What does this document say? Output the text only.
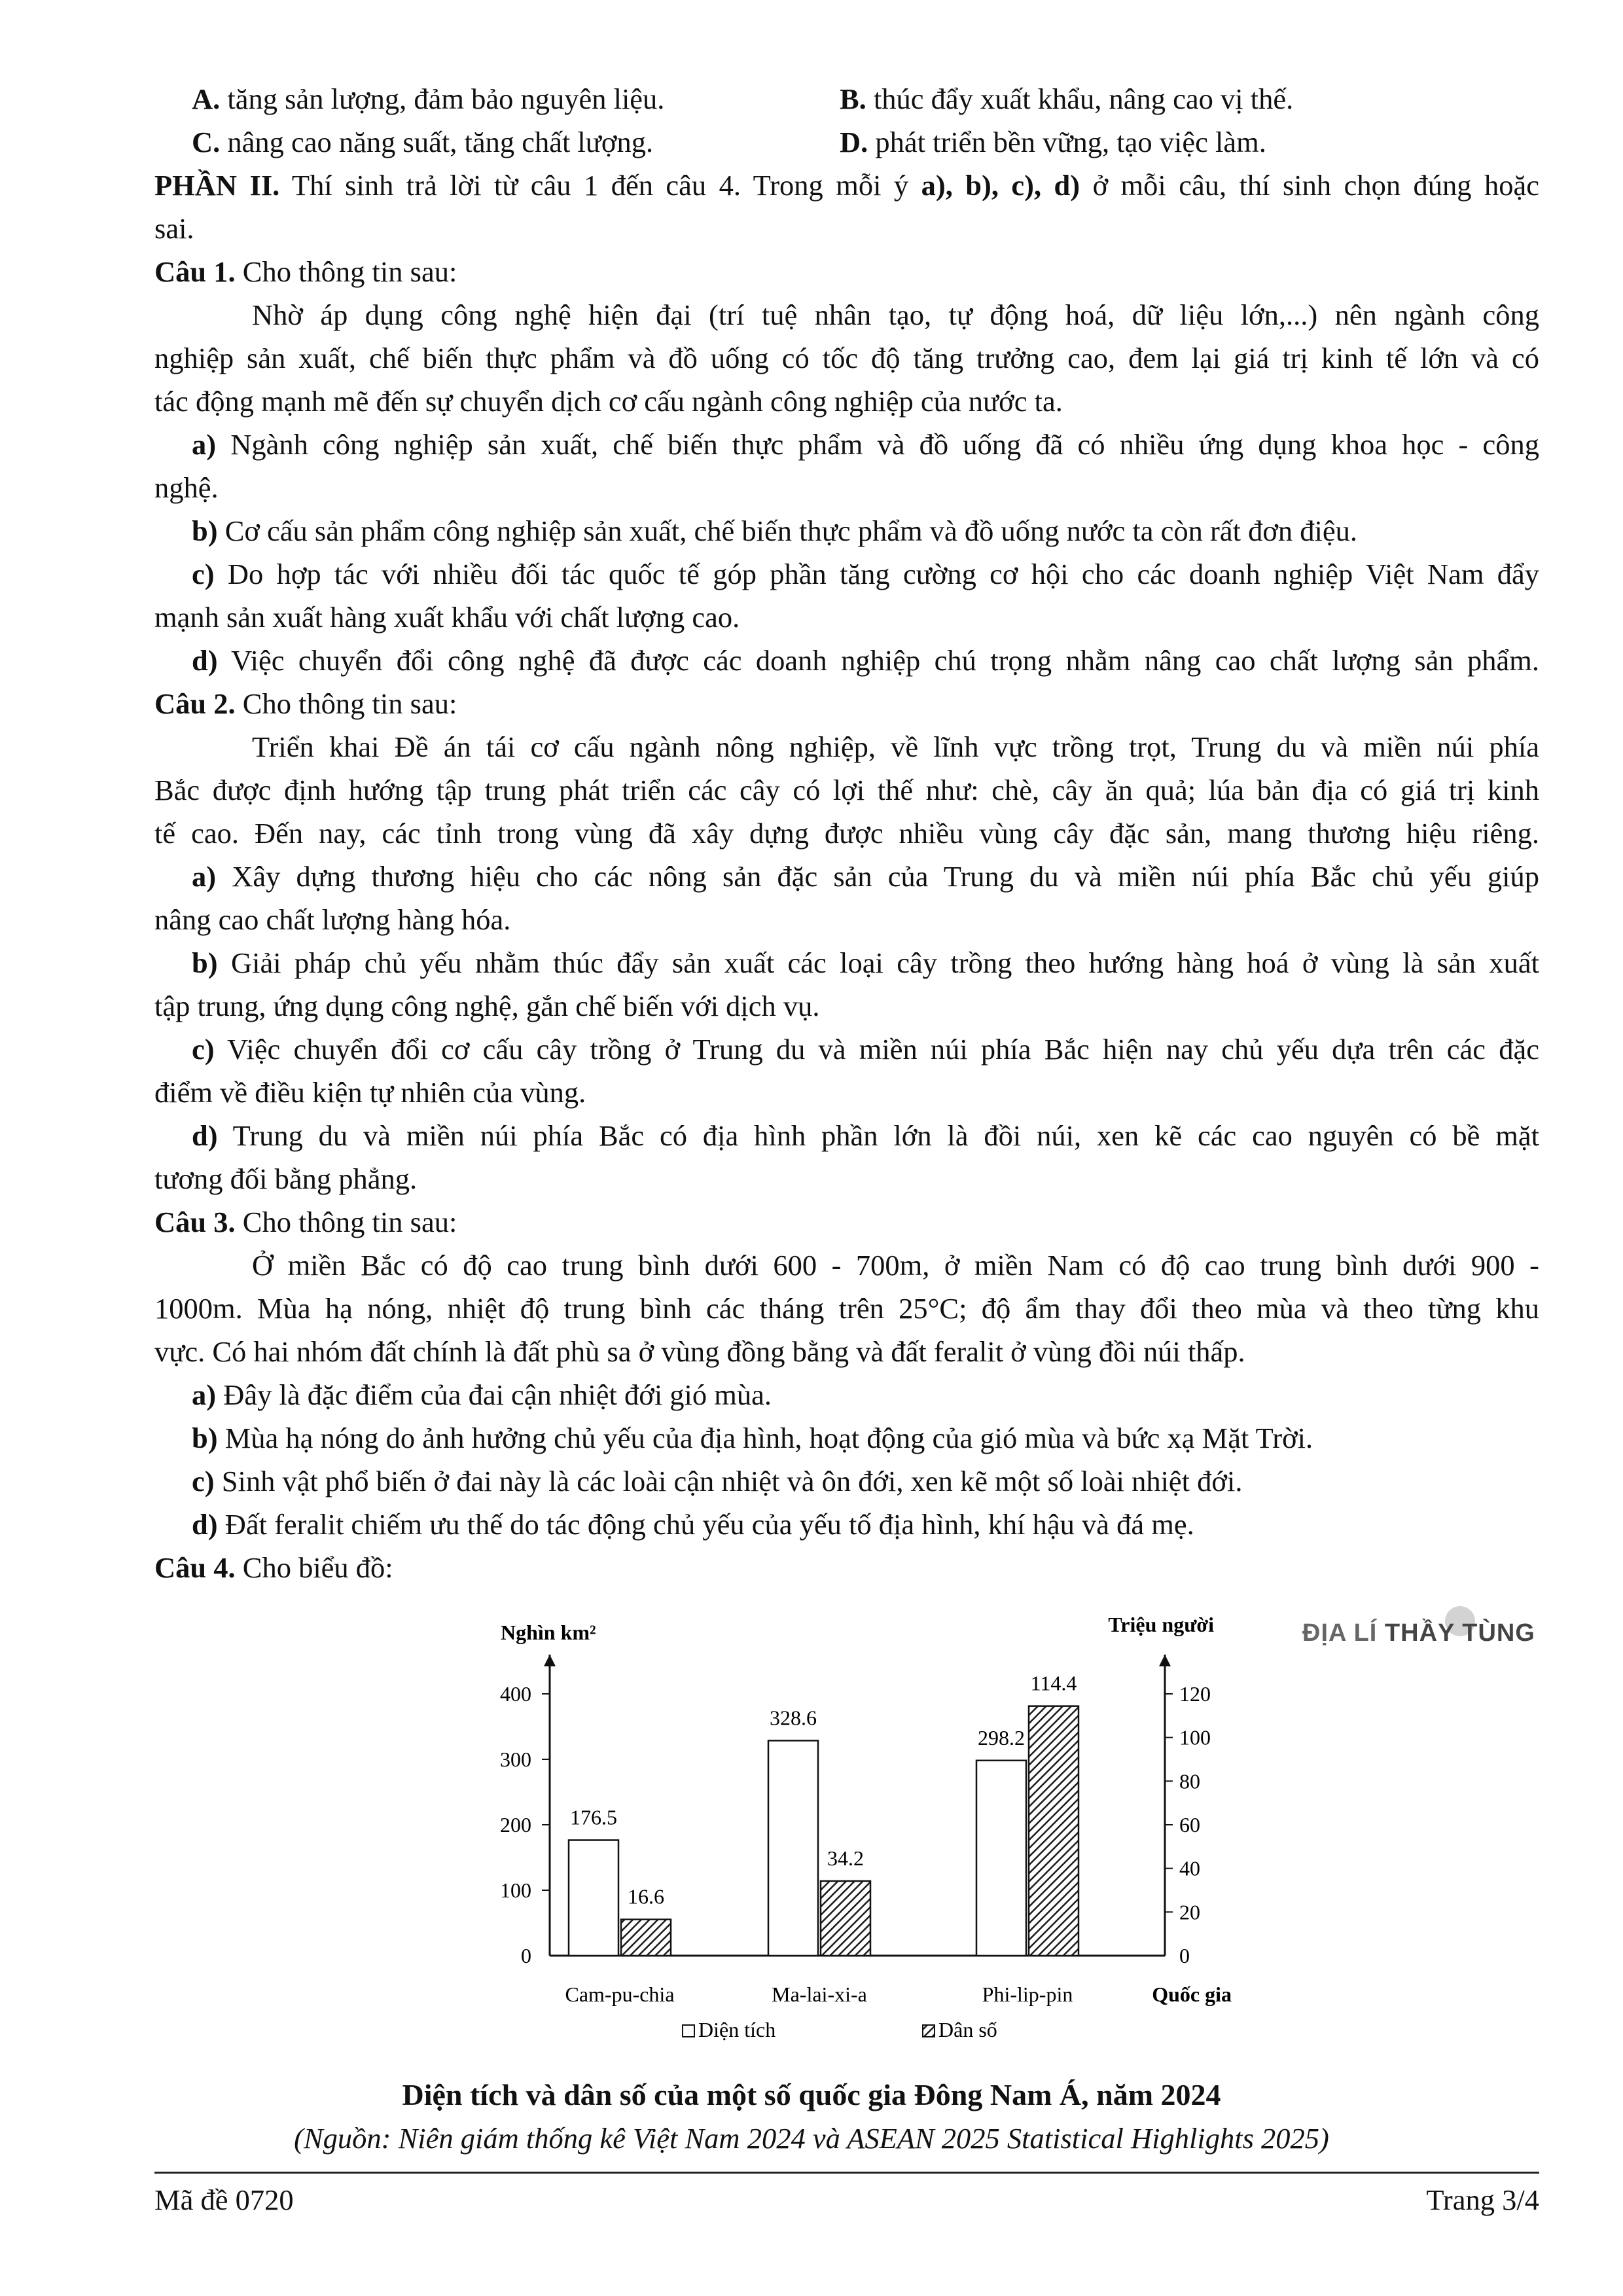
A. tăng sản lượng, đảm bảo nguyên liệu.	B. thúc đẩy xuất khẩu, nâng cao vị thế.
C. nâng cao năng suất, tăng chất lượng.	D. phát triển bền vững, tạo việc làm.
PHẦN II. Thí sinh trả lời từ câu 1 đến câu 4. Trong mỗi ý a), b), c), d) ở mỗi câu, thí sinh chọn đúng hoặc
sai.
Câu 1. Cho thông tin sau:
Nhờ áp dụng công nghệ hiện đại (trí tuệ nhân tạo, tự động hoá, dữ liệu lớn,...) nên ngành công
nghiệp sản xuất, chế biến thực phẩm và đồ uống có tốc độ tăng trưởng cao, đem lại giá trị kinh tế lớn và có
tác động mạnh mẽ đến sự chuyển dịch cơ cấu ngành công nghiệp của nước ta.
a) Ngành công nghiệp sản xuất, chế biến thực phẩm và đồ uống đã có nhiều ứng dụng khoa học - công
nghệ.
b) Cơ cấu sản phẩm công nghiệp sản xuất, chế biến thực phẩm và đồ uống nước ta còn rất đơn điệu.
c) Do hợp tác với nhiều đối tác quốc tế góp phần tăng cường cơ hội cho các doanh nghiệp Việt Nam đẩy
mạnh sản xuất hàng xuất khẩu với chất lượng cao.
d) Việc chuyển đổi công nghệ đã được các doanh nghiệp chú trọng nhằm nâng cao chất lượng sản phẩm.
Câu 2. Cho thông tin sau:
Triển khai Đề án tái cơ cấu ngành nông nghiệp, về lĩnh vực trồng trọt, Trung du và miền núi phía
Bắc được định hướng tập trung phát triển các cây có lợi thế như: chè, cây ăn quả; lúa bản địa có giá trị kinh
tế cao. Đến nay, các tỉnh trong vùng đã xây dựng được nhiều vùng cây đặc sản, mang thương hiệu riêng.
a) Xây dựng thương hiệu cho các nông sản đặc sản của Trung du và miền núi phía Bắc chủ yếu giúp
nâng cao chất lượng hàng hóa.
b) Giải pháp chủ yếu nhằm thúc đẩy sản xuất các loại cây trồng theo hướng hàng hoá ở vùng là sản xuất
tập trung, ứng dụng công nghệ, gắn chế biến với dịch vụ.
c) Việc chuyển đổi cơ cấu cây trồng ở Trung du và miền núi phía Bắc hiện nay chủ yếu dựa trên các đặc
điểm về điều kiện tự nhiên của vùng.
d) Trung du và miền núi phía Bắc có địa hình phần lớn là đồi núi, xen kẽ các cao nguyên có bề mặt
tương đối bằng phẳng.
Câu 3. Cho thông tin sau:
Ở miền Bắc có độ cao trung bình dưới 600 - 700m, ở miền Nam có độ cao trung bình dưới 900 -
1000m. Mùa hạ nóng, nhiệt độ trung bình các tháng trên 25°C; độ ẩm thay đổi theo mùa và theo từng khu
vực. Có hai nhóm đất chính là đất phù sa ở vùng đồng bằng và đất feralit ở vùng đồi núi thấp.
a) Đây là đặc điểm của đai cận nhiệt đới gió mùa.
b) Mùa hạ nóng do ảnh hưởng chủ yếu của địa hình, hoạt động của gió mùa và bức xạ Mặt Trời.
c) Sinh vật phổ biến ở đai này là các loài cận nhiệt và ôn đới, xen kẽ một số loài nhiệt đới.
d) Đất feralit chiếm ưu thế do tác động chủ yếu của yếu tố địa hình, khí hậu và đá mẹ.
Câu 4. Cho biểu đồ:
ĐỊA LÍ THẦY TÙNG
Nghìn km²	Triệu người
Quốc gia
0
100
200
300
400
0
20
40
60
80
100
120
Diện tích	Dân số
176.5
16.6
Cam-pu-chia
328.6
34.2
Ma-lai-xi-a
298.2
114.4
Phi-lip-pin
Diện tích và dân số của một số quốc gia Đông Nam Á, năm 2024
(Nguồn: Niên giám thống kê Việt Nam 2024 và ASEAN 2025 Statistical Highlights 2025)
Mã đề 0720	Trang 3/4
